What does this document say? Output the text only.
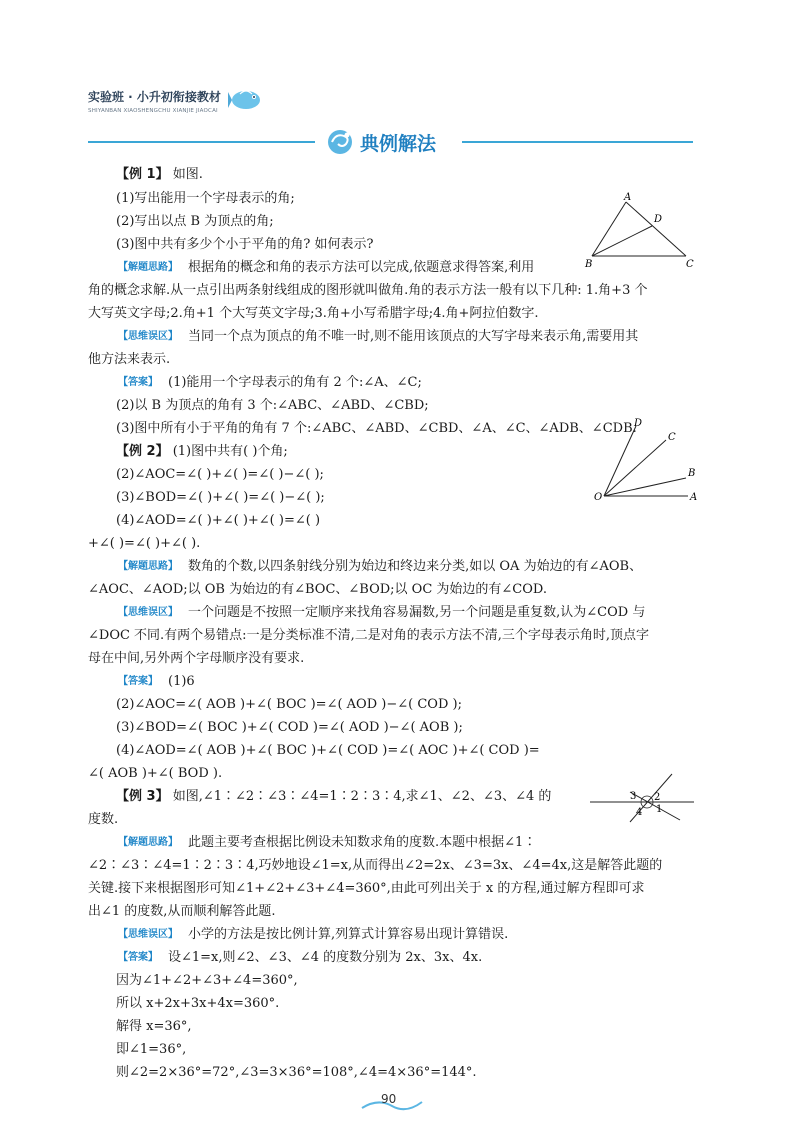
实验班 · 小升初衔接教材
SHIYANBAN XIAOSHENGCHU XIANJIE JIAOCAI
典例解法
【例 1】 如图.
(1)写出能用一个字母表示的角;
(2)写出以点 B 为顶点的角;
(3)图中共有多少个小于平角的角? 如何表示?
A
D
B	C
【 解题思路 】 根据角的概念和角的表示方法可以完成,依题意求得答案,利用
角的概念求解.从一点引出两条射线组成的图形就叫做角.角的表示方法一般有以下几种: 1.角+3 个
大写英文字母;2.角+1 个大写英文字母;3.角+小写希腊字母;4.角+阿拉伯数字.
【 思维误区 】 当同一个点为顶点的角不唯一时,则不能用该顶点的大写字母来表示角,需要用其
他方法来表示.
【 答案 】 (1)能用一个字母表示的角有 2 个:∠A、∠C;
(2)以 B 为顶点的角有 3 个:∠ABC、∠ABD、∠CBD;
(3)图中所有小于平角的角有 7 个:∠ABC、∠ABD、∠CBD、∠A、∠C、∠ADB、∠CDB.
【例 2】 (1)图中共有( )个角;
(2)∠AOC=∠( )+∠( )=∠( )−∠( );
(3)∠BOD=∠( )+∠( )=∠( )−∠( );
(4)∠AOD=∠( )+∠( )+∠( )=∠( )
+∠( )=∠( )+∠( ).
O	A
B
C
D
【 解题思路 】 数角的个数,以四条射线分别为始边和终边来分类,如以 OA 为始边的有∠AOB、
∠AOC、∠AOD;以 OB 为始边的有∠BOC、∠BOD;以 OC 为始边的有∠COD.
【 思维误区 】 一个问题是不按照一定顺序来找角容易漏数,另一个问题是重复数,认为∠COD 与
∠DOC 不同.有两个易错点:一是分类标准不清,二是对角的表示方法不清,三个字母表示角时,顶点字
母在中间,另外两个字母顺序没有要求.
【 答案 】 (1)6
(2)∠AOC=∠( AOB )+∠( BOC )=∠( AOD )−∠( COD );
(3)∠BOD=∠( BOC )+∠( COD )=∠( AOD )−∠( AOB );
(4)∠AOD=∠( AOB )+∠( BOC )+∠( COD )=∠( AOC )+∠( COD )=
∠( AOB )+∠( BOD ).
【例 3】 如图,∠1∶∠2∶∠3∶∠4=1∶2∶3∶4,求∠1、∠2、∠3、∠4 的
度数.
3 2
4 1
【 解题思路 】 此题主要考查根据比例设未知数求角的度数.本题中根据∠1∶
∠2∶∠3∶∠4=1∶2∶3∶4,巧妙地设∠1=x,从而得出∠2=2x、∠3=3x、∠4=4x,这是解答此题的
关键.接下来根据图形可知∠1+∠2+∠3+∠4=360°,由此可列出关于 x 的方程,通过解方程即可求
出∠1 的度数,从而顺利解答此题.
【 思维误区 】 小学的方法是按比例计算,列算式计算容易出现计算错误.
【 答案 】 设∠1=x,则∠2、∠3、∠4 的度数分别为 2x、3x、4x.
因为∠1+∠2+∠3+∠4=360°,
所以 x+2x+3x+4x=360°.
解得 x=36°,
即∠1=36°,
则∠2=2×36°=72°,∠3=3×36°=108°,∠4=4×36°=144°.
90
